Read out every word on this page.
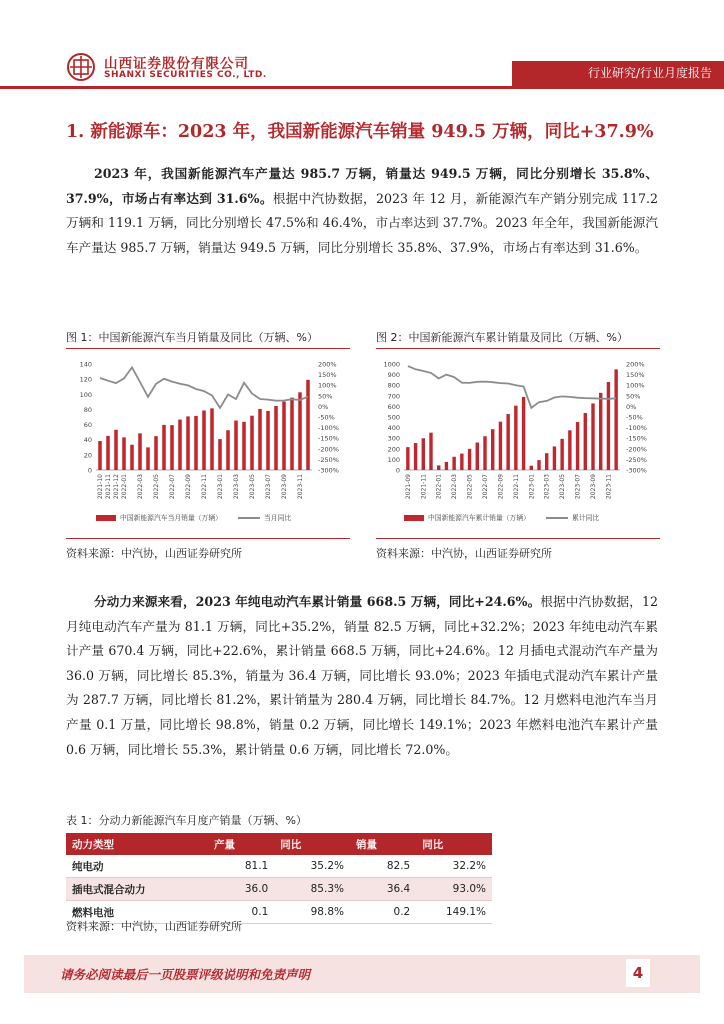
山西证券股份有限公司
SHANXI SECURITIES CO., LTD.	行业研究/行业月度报告
1. 新能源车：2023 年，我国新能源汽车销量 949.5 万辆，同比+37.9%
2023 年，我国新能源汽车产量达 985.7 万辆，销量达 949.5 万辆，同比分别增长 35.8%、37.9%，市场占有率达到 31.6%。根据中汽协数据，2023 年 12 月，新能源汽车产销分别完成 117.2 万辆和 119.1 万辆，同比分别增长 47.5%和 46.4%，市占率达到 37.7%。2023 年全年，我国新能源汽车产量达 985.7 万辆，销量达 949.5 万辆，同比分别增长 35.8%、37.9%，市场占有率达到 31.6%。
图 1：中国新能源汽车当月销量及同比（万辆、%）
0
20
40
60
80
100
120
140
-300%
-250%
-200%
-150%
-100%
-50%
0%
50%
100%
150%
200%
2021-10 2021-11 2021-12 2022-01 2022-03 2022-05 2022-07 2022-09 2022-11 2023-01 2023-03 2023-05 2023-07 2023-09 2023-11
中国新能源汽车当月销量（万辆）	当月同比
资料来源：中汽协，山西证券研究所
图 2：中国新能源汽车累计销量及同比（万辆、%）
0
100
200
300
400
500
600
700
800
900
1000
-300%
-250%
-200%
-150%
-100%
-50%
0%
50%
100%
150%
200%
2021-09 2021-11 2022-01 2022-03 2022-05 2022-07 2022-09 2022-11 2023-01 2023-03 2023-05 2023-07 2023-09 2023-11
中国新能源汽车累计销量（万辆）	累计同比
资料来源：中汽协，山西证券研究所
分动力来源来看，2023 年纯电动汽车累计销量 668.5 万辆，同比+24.6%。根据中汽协数据，12 月纯电动汽车产量为 81.1 万辆，同比+35.2%，销量 82.5 万辆，同比+32.2%；2023 年纯电动汽车累计产量 670.4 万辆，同比+22.6%，累计销量 668.5 万辆，同比+24.6%。12 月插电式混动汽车产量为 36.0 万辆，同比增长 85.3%，销量为 36.4 万辆，同比增长 93.0%；2023 年插电式混动汽车累计产量为 287.7 万辆，同比增长 81.2%，累计销量为 280.4 万辆，同比增长 84.7%。12 月燃料电池汽车当月产量 0.1 万量，同比增长 98.8%，销量 0.2 万辆，同比增长 149.1%；2023 年燃料电池汽车累计产量 0.6 万辆，同比增长 55.3%，累计销量 0.6 万辆，同比增长 72.0%。
表 1：分动力新能源汽车月度产销量（万辆、%）
动力类型	产量	同比	销量	同比
纯电动	81.1	35.2%	82.5	32.2%
插电式混合动力	36.0	85.3%	36.4	93.0%
燃料电池	0.1	98.8%	0.2	149.1%
资料来源：中汽协，山西证券研究所
请务必阅读最后一页股票评级说明和免责声明	4
